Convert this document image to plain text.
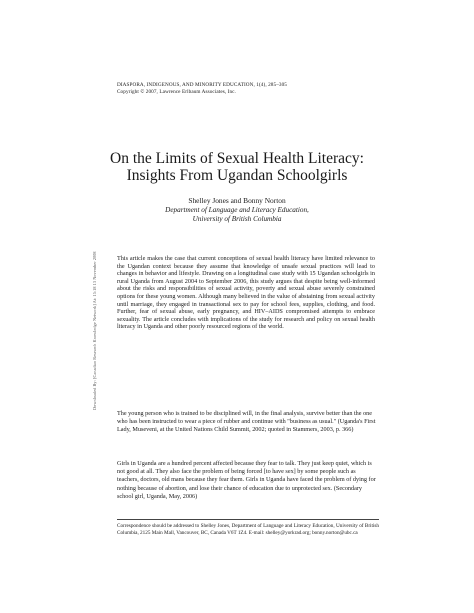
DIASPORA, INDIGENOUS, AND MINORITY EDUCATION, 1(4), 285–305
Copyright © 2007, Lawrence Erlbaum Associates, Inc.
On the Limits of Sexual Health Literacy:
Insights From Ugandan Schoolgirls
Shelley Jones and Bonny Norton
Department of Language and Literacy Education,
University of British Columbia
This article makes the case that current conceptions of sexual health literacy have limited relevance to the Ugandan context because they assume that knowledge of unsafe sexual practices will lead to changes in behavior and lifestyle. Drawing on a longitudinal case study with 15 Ugandan schoolgirls in rural Uganda from August 2004 to September 2006, this study argues that despite being well-informed about the risks and responsibilities of sexual activity, poverty and sexual abuse severely constrained options for these young women. Although many believed in the value of abstaining from sexual activity until marriage, they engaged in transactional sex to pay for school fees, supplies, clothing, and food. Further, fear of sexual abuse, early pregnancy, and HIV–AIDS compromised attempts to embrace sexuality. The article concludes with implications of the study for research and policy on sexual health literacy in Uganda and other poorly resourced regions of the world.
The young person who is trained to be disciplined will, in the final analysis, survive better than the one who has been instructed to wear a piece of rubber and continue with "business as usual." (Uganda's First Lady, Museveni, at the United Nations Child Summit, 2002; quoted in Stammers, 2003, p. 366)
Girls in Uganda are a hundred percent affected because they fear to talk. They just keep quiet, which is not good at all. They also face the problem of being forced [to have sex] by some people such as teachers, doctors, old mans because they fear them. Girls in Uganda have faced the problem of dying for nothing because of abortion, and lose their chance of education due to unprotected sex. (Secondary school girl, Uganda, May, 2006)
Correspondence should be addressed to Shelley Jones, Department of Language and Literacy Education, University of British Columbia, 2125 Main Mall, Vancouver, BC, Canada V6T 1Z4. E-mail: shelley@yorkrad.org; bonny.norton@ubc.ca
Downloaded By: [Canadian Research Knowledge Network] At: 15:18 13 November 2008
